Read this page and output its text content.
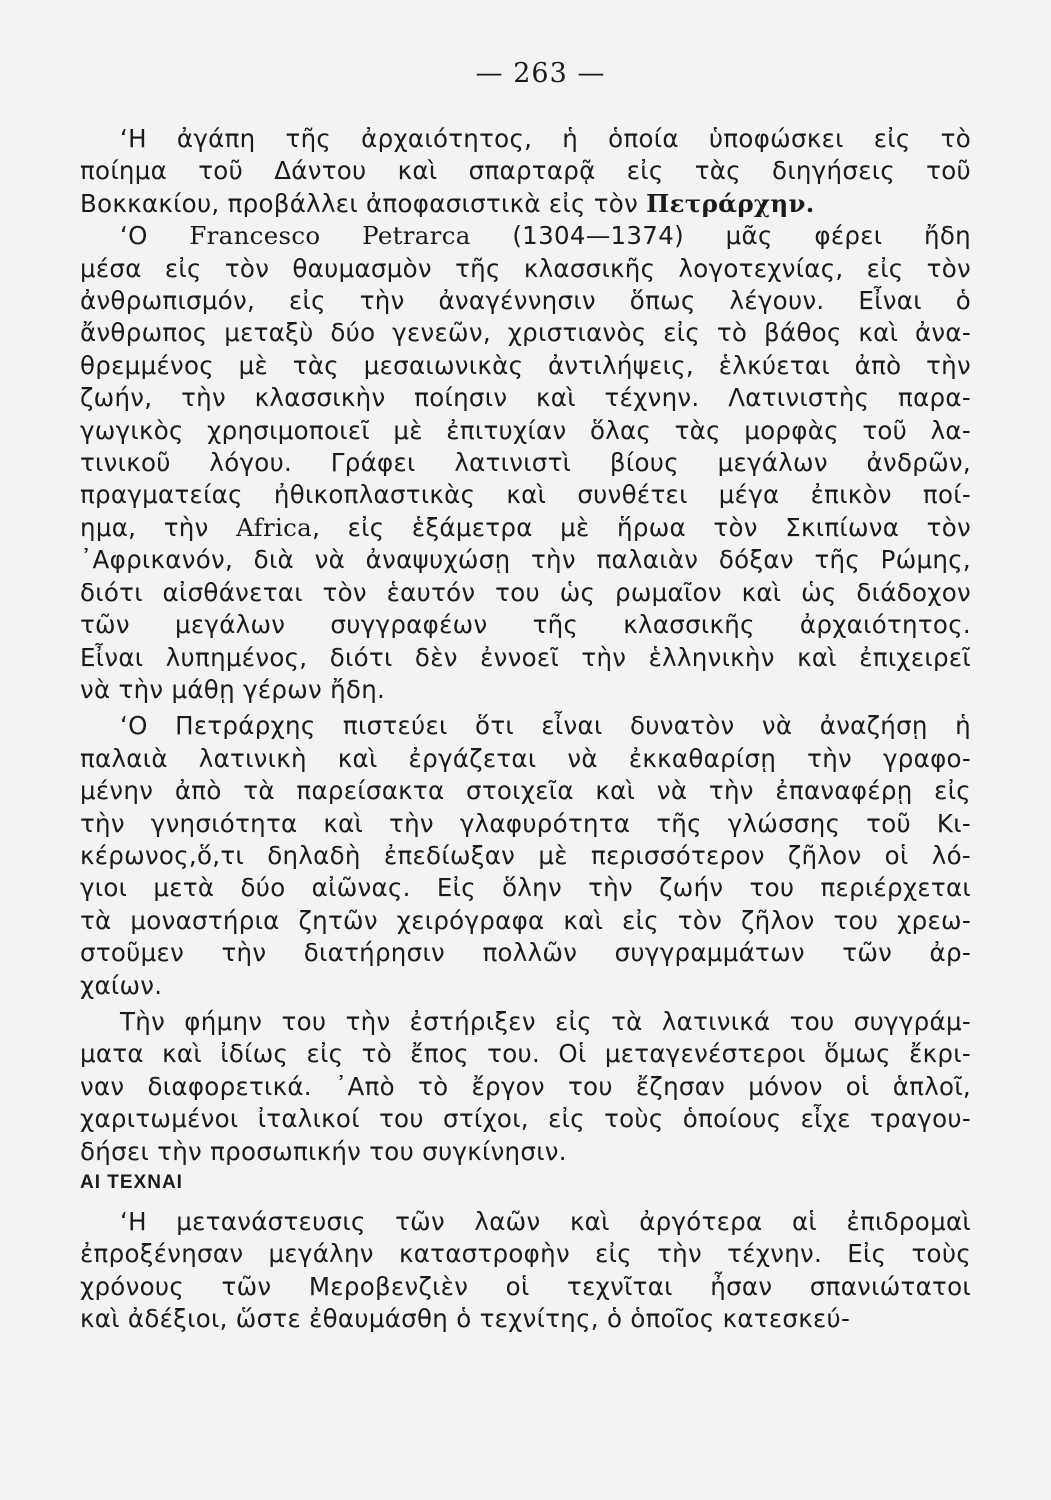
— 263 —
‘Η ἀγάπη τῆς ἀρχαιότητος, ἡ ὁποία ὑποφώσκει εἰς τὸ
ποίημα τοῦ Δάντου καὶ σπαρταρᾷ εἰς τὰς διηγήσεις τοῦ
Βοκκακίου, προβάλλει ἀποφασιστικὰ εἰς τὸν Πετράρχην.
‘Ο Francesco Petrarca (1304—1374) μᾶς φέρει ἤδη
μέσα εἰς τὸν θαυμασμὸν τῆς κλασσικῆς λογοτεχνίας, εἰς τὸν
ἀνθρωπισμόν, εἰς τὴν ἀναγέννησιν ὅπως λέγουν. Εἶναι ὁ
ἄνθρωπος μεταξὺ δύο γενεῶν, χριστιανὸς εἰς τὸ βάθος καὶ ἀνα-
θρεμμένος μὲ τὰς μεσαιωνικὰς ἀντιλήψεις, ἑλκύεται ἀπὸ τὴν
ζωήν, τὴν κλασσικὴν ποίησιν καὶ τέχνην. Λατινιστὴς παρα-
γωγικὸς χρησιμοποιεῖ μὲ ἐπιτυχίαν ὅλας τὰς μορφὰς τοῦ λα-
τινικοῦ λόγου. Γράφει λατινιστὶ βίους μεγάλων ἀνδρῶν,
πραγματείας ἠθικοπλαστικὰς καὶ συνθέτει μέγα ἐπικὸν ποί-
ημα, τὴν Africa, εἰς ἑξάμετρα μὲ ἥρωα τὸν Σκιπίωνα τὸν
᾿Αφρικανόν, διὰ νὰ ἀναψυχώσῃ τὴν παλαιὰν δόξαν τῆς Ρώμης,
διότι αἰσθάνεται τὸν ἑαυτόν του ὡς ρωμαῖον καὶ ὡς διάδοχον
τῶν μεγάλων συγγραφέων τῆς κλασσικῆς ἀρχαιότητος.
Εἶναι λυπημένος, διότι δὲν ἐννοεῖ τὴν ἑλληνικὴν καὶ ἐπιχειρεῖ
νὰ τὴν μάθῃ γέρων ἤδη.
‘Ο Πετράρχης πιστεύει ὅτι εἶναι δυνατὸν νὰ ἀναζήσῃ ἡ
παλαιὰ λατινικὴ καὶ ἐργάζεται νὰ ἐκκαθαρίσῃ τὴν γραφο-
μένην ἀπὸ τὰ παρείσακτα στοιχεῖα καὶ νὰ τὴν ἐπαναφέρῃ εἰς
τὴν γνησιότητα καὶ τὴν γλαφυρότητα τῆς γλώσσης τοῦ Κι-
κέρωνος,ὅ,τι δηλαδὴ ἐπεδίωξαν μὲ περισσότερον ζῆλον οἱ λό-
γιοι μετὰ δύο αἰῶνας. Εἰς ὅλην τὴν ζωήν του περιέρχεται
τὰ μοναστήρια ζητῶν χειρόγραφα καὶ εἰς τὸν ζῆλον του χρεω-
στοῦμεν τὴν διατήρησιν πολλῶν συγγραμμάτων τῶν ἀρ-
χαίων.
Τὴν φήμην του τὴν ἐστήριξεν εἰς τὰ λατινικά του συγγράμ-
ματα καὶ ἰδίως εἰς τὸ ἔπος του. Οἱ μεταγενέστεροι ὅμως ἔκρι-
ναν διαφορετικά. ᾿Απὸ τὸ ἔργον του ἔζησαν μόνον οἱ ἁπλοῖ,
χαριτωμένοι ἰταλικοί του στίχοι, εἰς τοὺς ὁποίους εἶχε τραγου-
δήσει τὴν προσωπικήν του συγκίνησιν.
ΑΙ ΤΕΧΝΑΙ
‘Η μετανάστευσις τῶν λαῶν καὶ ἀργότερα αἱ ἐπιδρομαὶ
ἐπροξένησαν μεγάλην καταστροφὴν εἰς τὴν τέχνην. Εἰς τοὺς
χρόνους τῶν Μεροβενζιὲν οἱ τεχνῖται ἦσαν σπανιώτατοι
καὶ ἀδέξιοι, ὥστε ἐθαυμάσθη ὁ τεχνίτης, ὁ ὁποῖος κατεσκεύ-
